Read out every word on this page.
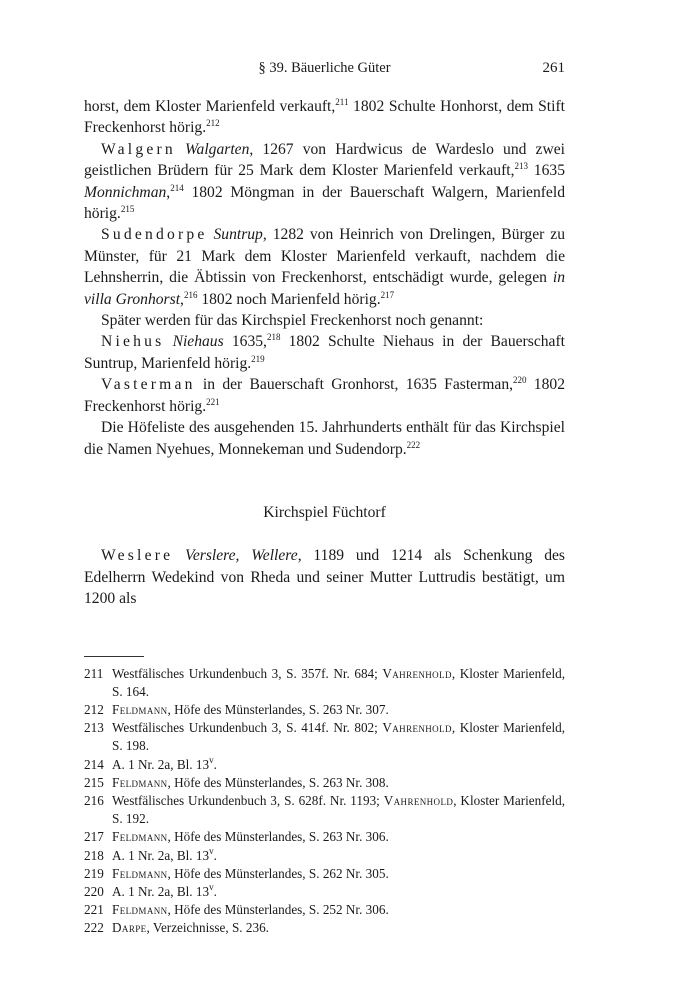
§ 39. Bäuerliche Güter	261

horst, dem Kloster Marienfeld verkauft,$^{211}$ 1802 Schulte Honhorst, dem Stift Freckenhorst hörig.$^{212}$

Walgern Walgarten, 1267 von Hardwicus de Wardeslo und zwei geistlichen Brüdern für 25 Mark dem Kloster Marienfeld verkauft,$^{213}$ 1635 Monnichman,$^{214}$ 1802 Möngman in der Bauerschaft Walgern, Marienfeld hörig.$^{215}$

Sudendorpe Suntrup, 1282 von Heinrich von Drelingen, Bürger zu Münster, für 21 Mark dem Kloster Marienfeld verkauft, nachdem die Lehnsherrin, die Äbtissin von Freckenhorst, entschädigt wurde, gelegen in villa Gronhorst,$^{216}$ 1802 noch Marienfeld hörig.$^{217}$

Später werden für das Kirchspiel Freckenhorst noch genannt:

Niehus Niehaus 1635,$^{218}$ 1802 Schulte Niehaus in der Bauerschaft Suntrup, Marienfeld hörig.$^{219}$

Vasterman in der Bauerschaft Gronhorst, 1635 Fasterman,$^{220}$ 1802 Freckenhorst hörig.$^{221}$

Die Höfeliste des ausgehenden 15. Jahrhunderts enthält für das Kirchspiel die Namen Nyehues, Monnekeman und Sudendorp.$^{222}$

Kirchspiel Füchtorf

Weslere Verslere, Wellere, 1189 und 1214 als Schenkung des Edelherrn Wedekind von Rheda und seiner Mutter Luttrudis bestätigt, um 1200 als

211 Westfälisches Urkundenbuch 3, S. 357f. Nr. 684; Vahrenhold, Kloster Marienfeld, S. 164.
212 Feldmann, Höfe des Münsterlandes, S. 263 Nr. 307.
213 Westfälisches Urkundenbuch 3, S. 414f. Nr. 802; Vahrenhold, Kloster Marienfeld, S. 198.
214 A. 1 Nr. 2a, Bl. 13$^v$.
215 Feldmann, Höfe des Münsterlandes, S. 263 Nr. 308.
216 Westfälisches Urkundenbuch 3, S. 628f. Nr. 1193; Vahrenhold, Kloster Marienfeld, S. 192.
217 Feldmann, Höfe des Münsterlandes, S. 263 Nr. 306.
218 A. 1 Nr. 2a, Bl. 13$^v$.
219 Feldmann, Höfe des Münsterlandes, S. 262 Nr. 305.
220 A. 1 Nr. 2a, Bl. 13$^v$.
221 Feldmann, Höfe des Münsterlandes, S. 252 Nr. 306.
222 Darpe, Verzeichnisse, S. 236.
